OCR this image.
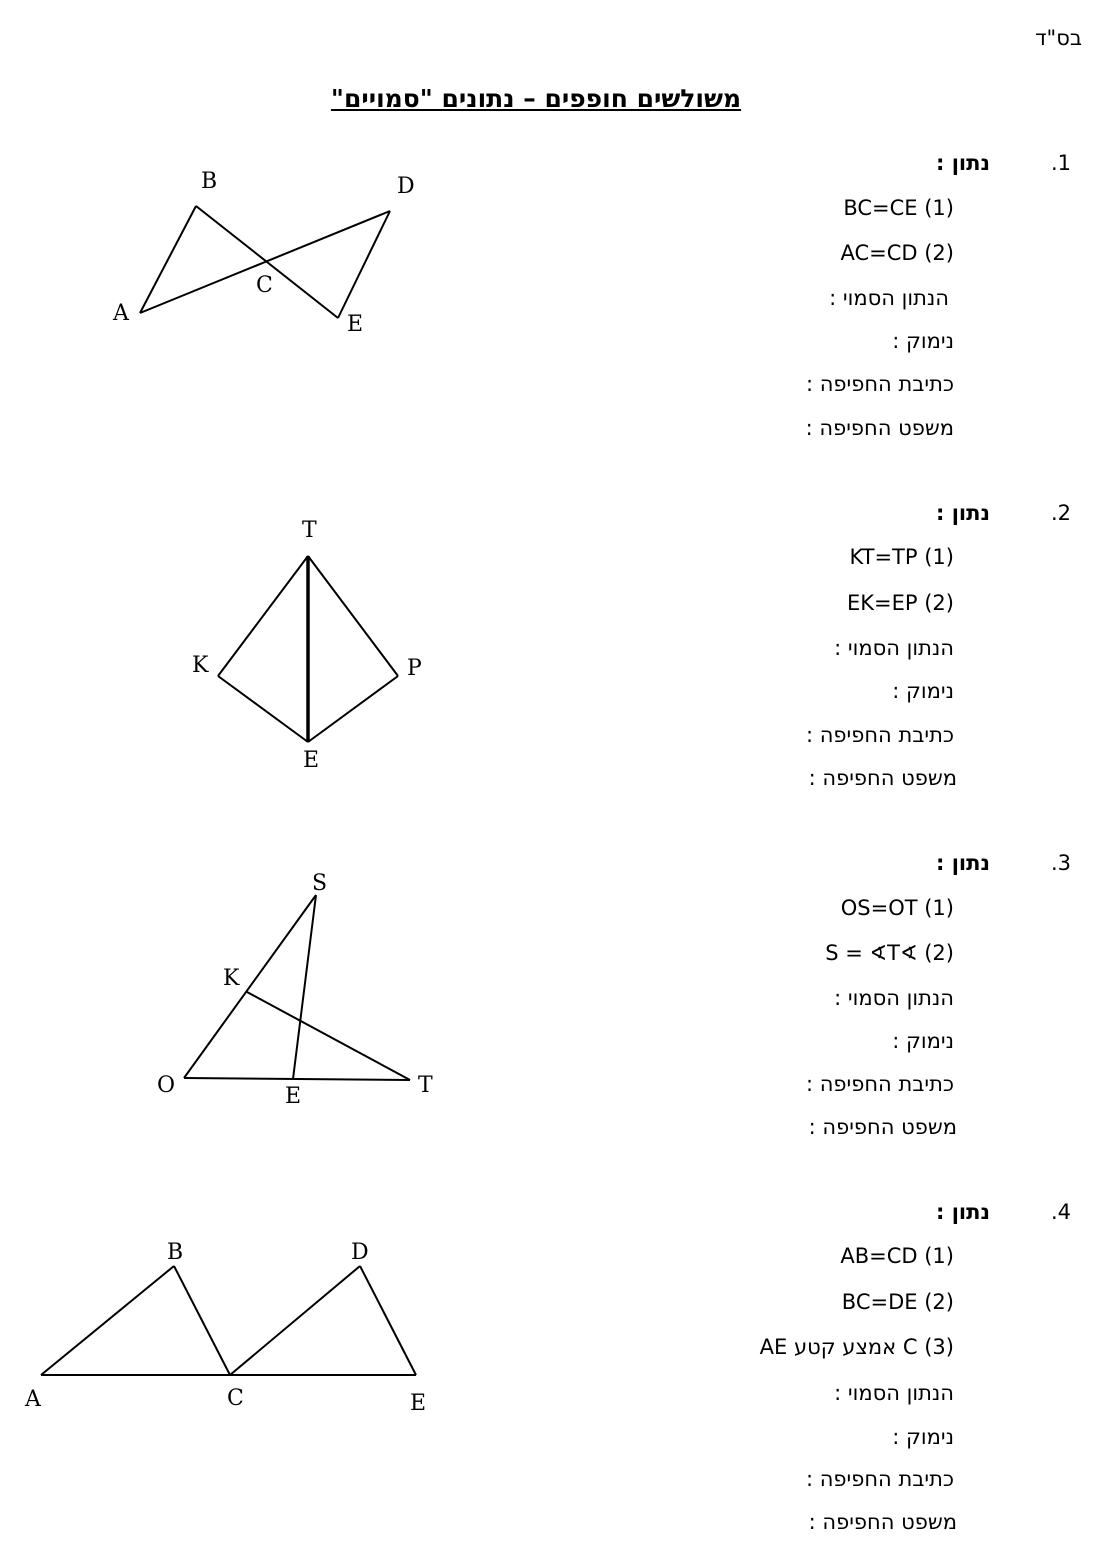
בס"ד
משולשים חופפים – נתונים "סמויים"
.1
נתון :
(1) BC=CE
(2) AC=CD
הנתון הסמוי :
נימוק :
כתיבת החפיפה :
משפט החפיפה :
A
B
C
D
E
.2
נתון :
(1) KT=TP
(2) EK=EP
הנתון הסמוי :
נימוק :
כתיבת החפיפה :
משפט החפיפה :
T
K	P
E
.3
נתון :
(1) OS=OT
(2) ∢S = ∢T
הנתון הסמוי :
נימוק :
כתיבת החפיפה :
משפט החפיפה :
S
K
O	E	T
.4
נתון :
(1) AB=CD
(2) BC=DE
(3) C אמצע קטע AE
הנתון הסמוי :
נימוק :
כתיבת החפיפה :
משפט החפיפה :
A
B
C
D
E
